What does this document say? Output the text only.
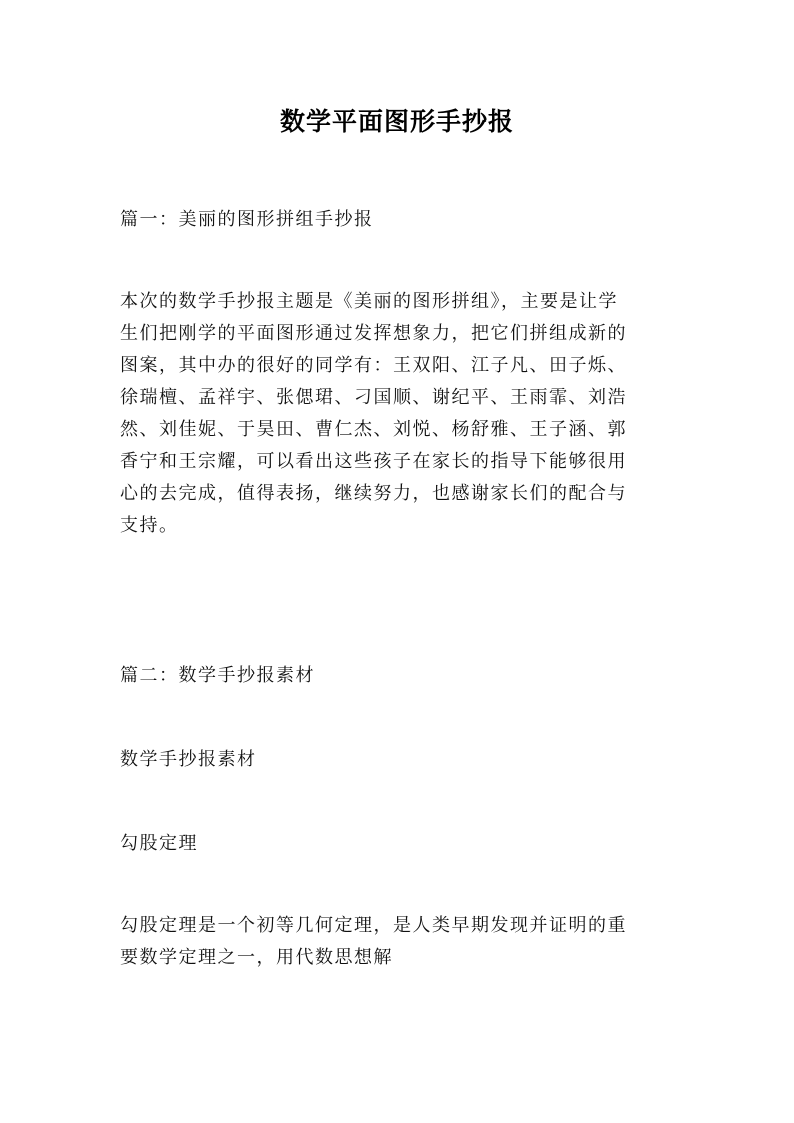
数学平面图形手抄报
篇一：美丽的图形拼组手抄报
本次的数学手抄报主题是《美丽的图形拼组》，主要是让学
生们把刚学的平面图形通过发挥想象力，把它们拼组成新的
图案，其中办的很好的同学有：王双阳、江子凡、田子烁、
徐瑞檀、孟祥宇、张偲珺、刁国顺、谢纪平、王雨霏、刘浩
然、刘佳妮、于昊田、曹仁杰、刘悦、杨舒雅、王子涵、郭
香宁和王宗耀，可以看出这些孩子在家长的指导下能够很用
心的去完成，值得表扬，继续努力，也感谢家长们的配合与
支持。
篇二：数学手抄报素材
数学手抄报素材
勾股定理
勾股定理是一个初等几何定理，是人类早期发现并证明的重
要数学定理之一，用代数思想解
